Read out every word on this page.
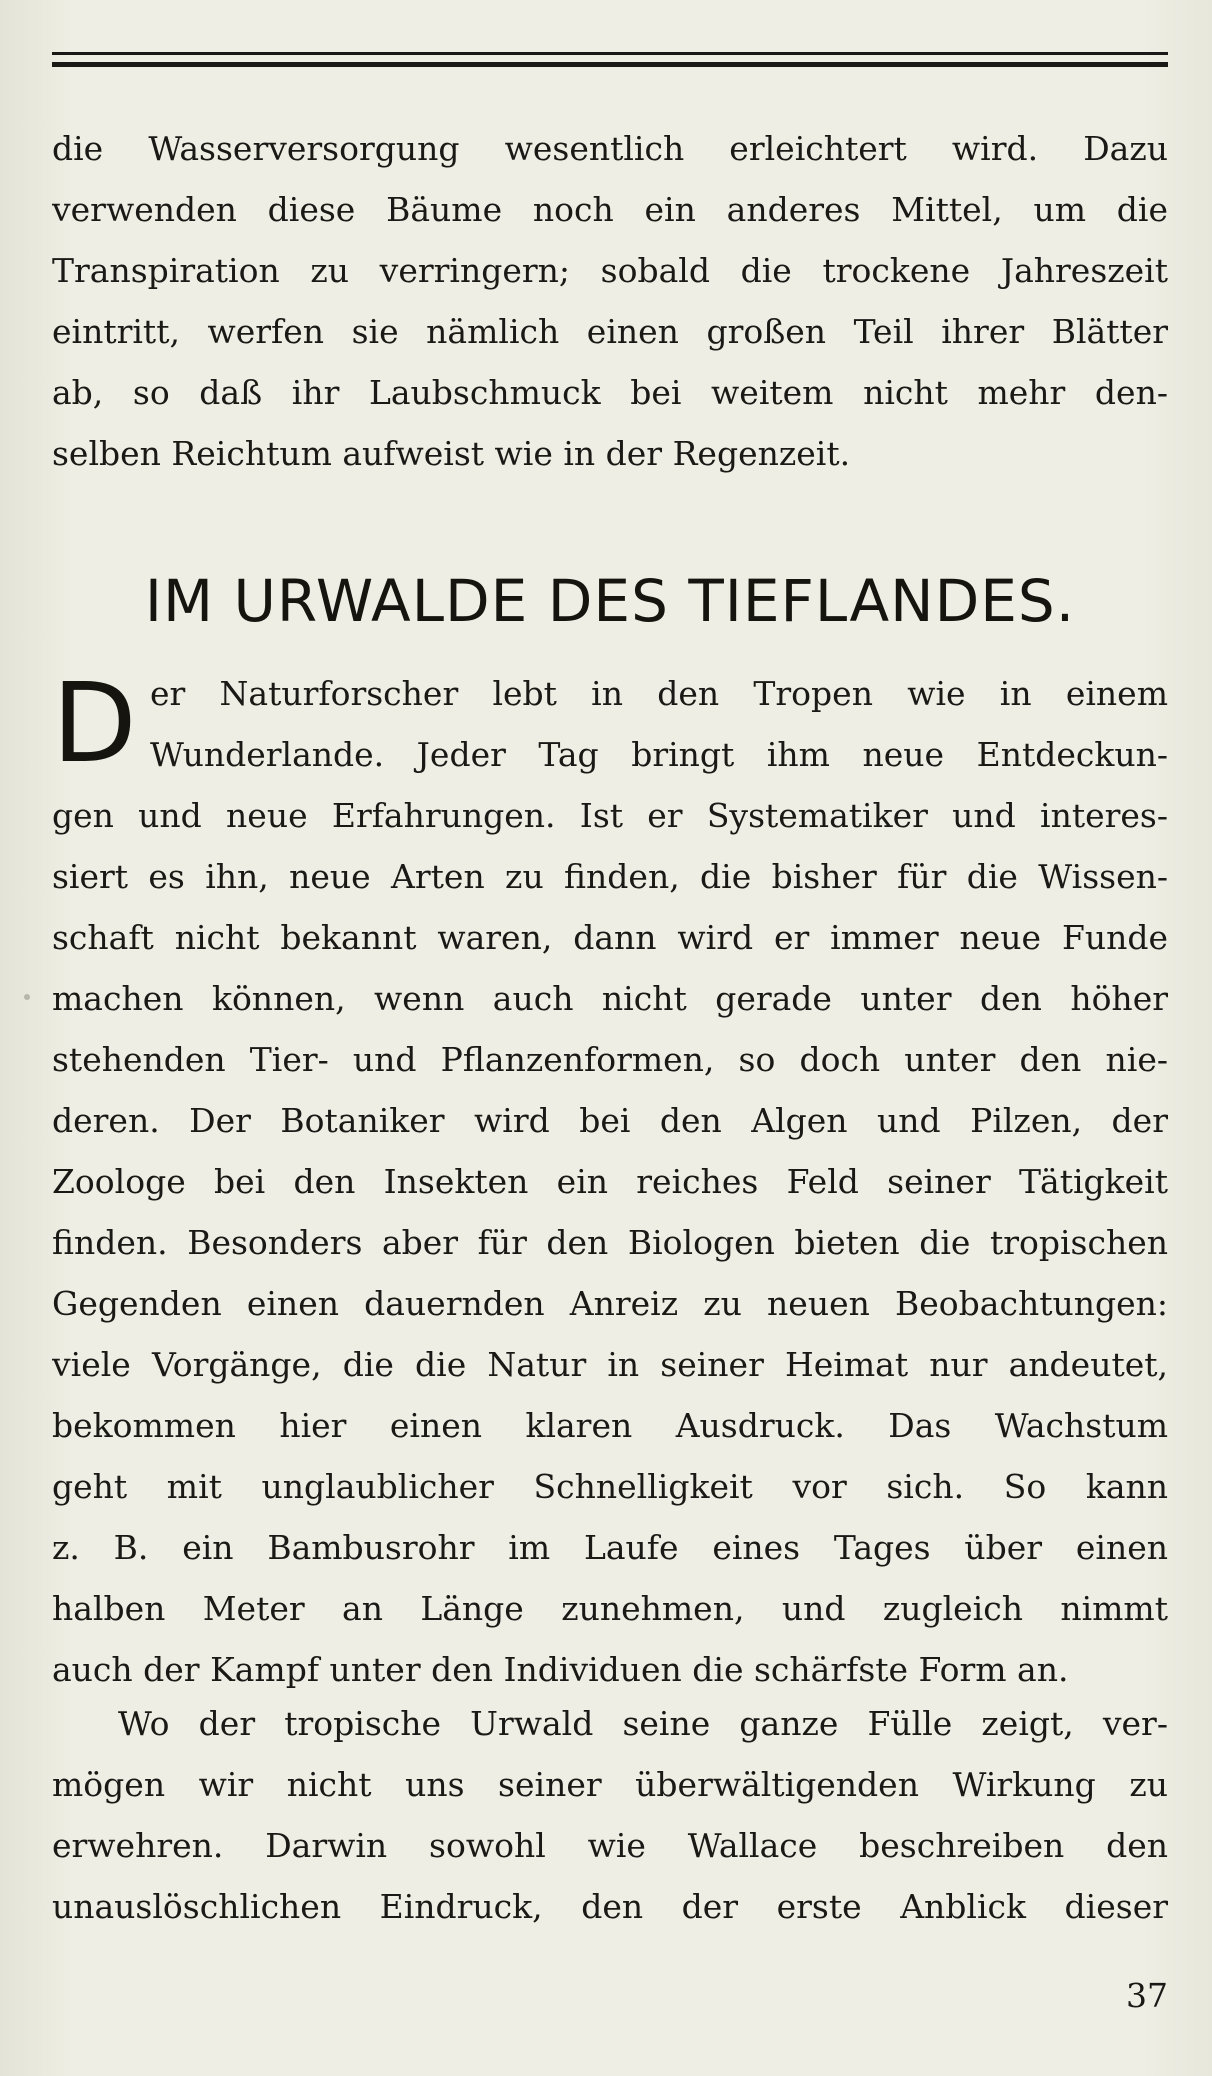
die Wasserversorgung wesentlich erleichtert wird. Dazu
verwenden diese Bäume noch ein anderes Mittel, um die
Transpiration zu verringern; sobald die trockene Jahreszeit
eintritt, werfen sie nämlich einen großen Teil ihrer Blätter
ab, so daß ihr Laubschmuck bei weitem nicht mehr den-
selben Reichtum aufweist wie in der Regenzeit.
IM URWALDE DES TIEFLANDES.
D er Naturforscher lebt in den Tropen wie in einem
Wunderlande. Jeder Tag bringt ihm neue Entdeckun-
gen und neue Erfahrungen. Ist er Systematiker und interes-
siert es ihn, neue Arten zu finden, die bisher für die Wissen-
schaft nicht bekannt waren, dann wird er immer neue Funde
machen können, wenn auch nicht gerade unter den höher
stehenden Tier- und Pflanzenformen, so doch unter den nie-
deren. Der Botaniker wird bei den Algen und Pilzen, der
Zoologe bei den Insekten ein reiches Feld seiner Tätigkeit
finden. Besonders aber für den Biologen bieten die tropischen
Gegenden einen dauernden Anreiz zu neuen Beobachtungen:
viele Vorgänge, die die Natur in seiner Heimat nur andeutet,
bekommen hier einen klaren Ausdruck. Das Wachstum
geht mit unglaublicher Schnelligkeit vor sich. So kann
z. B. ein Bambusrohr im Laufe eines Tages über einen
halben Meter an Länge zunehmen, und zugleich nimmt
auch der Kampf unter den Individuen die schärfste Form an.
Wo der tropische Urwald seine ganze Fülle zeigt, ver-
mögen wir nicht uns seiner überwältigenden Wirkung zu
erwehren. Darwin sowohl wie Wallace beschreiben den
unauslöschlichen Eindruck, den der erste Anblick dieser
37
